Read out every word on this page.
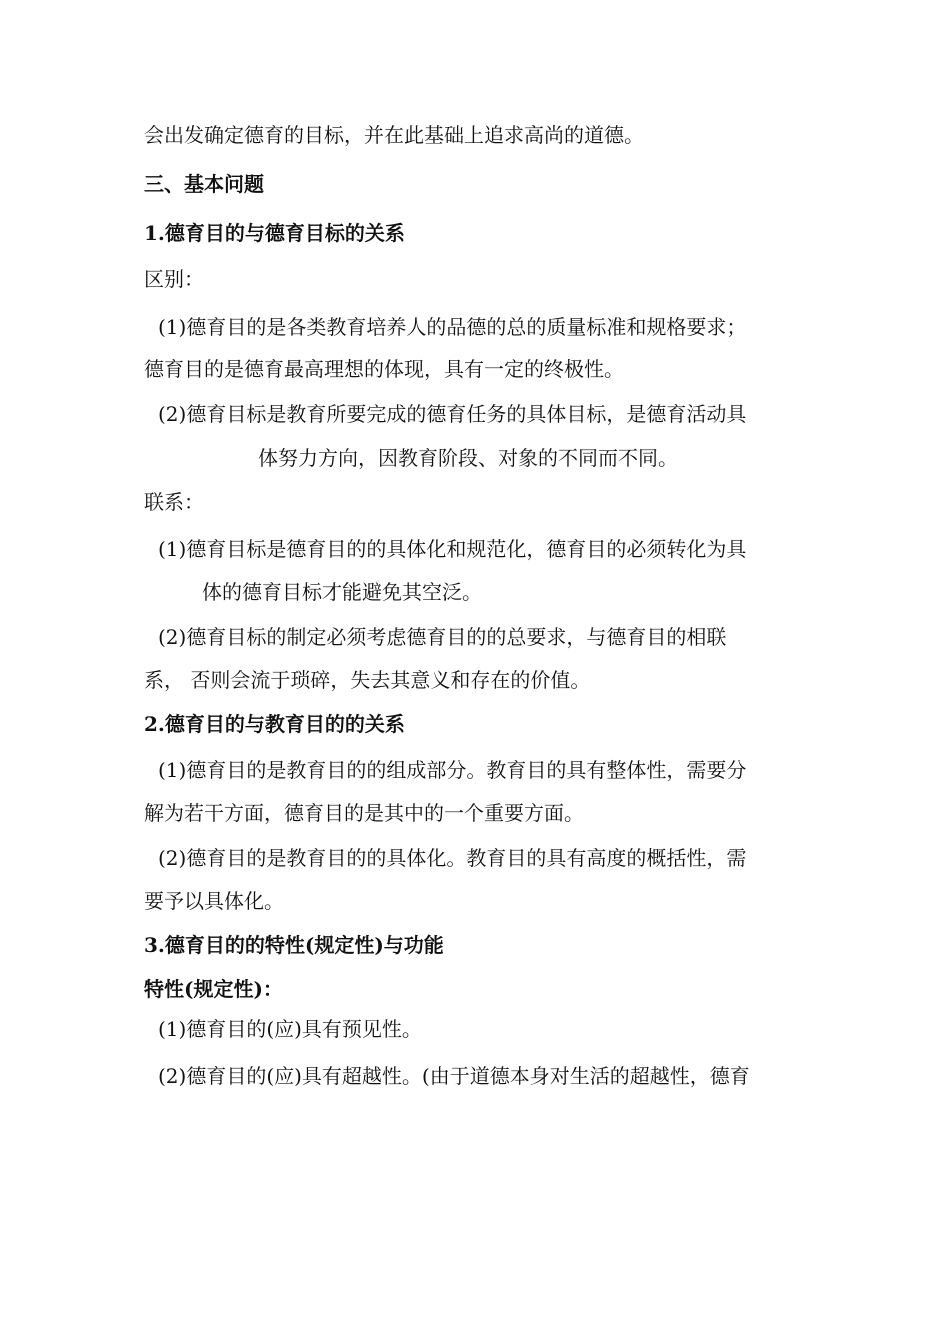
会出发确定德育的目标，并在此基础上追求高尚的道德。
三、基本问题
1.德育目的与德育目标的关系
区别：
(1)德育目的是各类教育培养人的品德的总的质量标准和规格要求；
德育目的是德育最高理想的体现，具有一定的终极性。
(2)德育目标是教育所要完成的德育任务的具体目标，是德育活动具
体努力方向，因教育阶段、对象的不同而不同。
联系：
(1)德育目标是德育目的的具体化和规范化，德育目的必须转化为具
体的德育目标才能避免其空泛。
(2)德育目标的制定必须考虑德育目的的总要求，与德育目的相联
系， 否则会流于琐碎，失去其意义和存在的价值。
2.德育目的与教育目的的关系
(1)德育目的是教育目的的组成部分。教育目的具有整体性，需要分
解为若干方面，德育目的是其中的一个重要方面。
(2)德育目的是教育目的的具体化。教育目的具有高度的概括性，需
要予以具体化。
3.德育目的的特性(规定性)与功能
特性(规定性)：
(1)德育目的(应)具有预见性。
(2)德育目的(应)具有超越性。(由于道德本身对生活的超越性，德育
